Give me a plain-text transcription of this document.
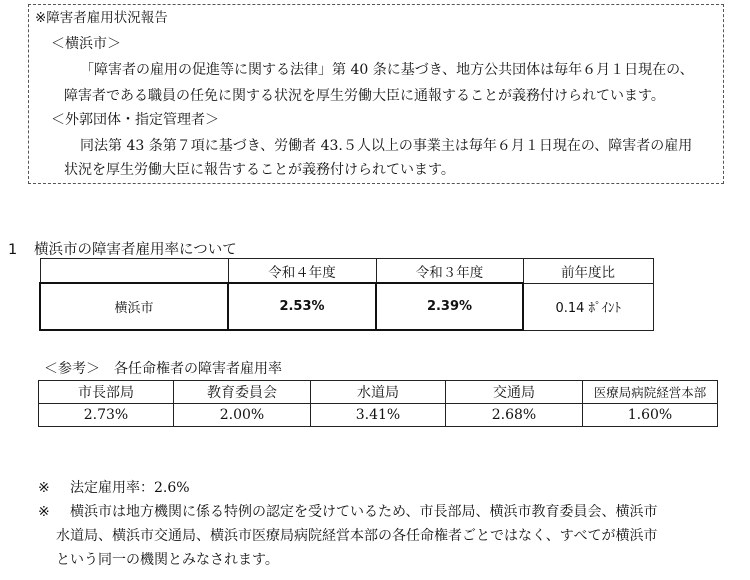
※障害者雇用状況報告
＜横浜市＞
「障害者の雇用の促進等に関する法律」第 40 条に基づき、地方公共団体は毎年６月１日現在の、
障害者である職員の任免に関する状況を厚生労働大臣に通報することが義務付けられています。
＜外郭団体・指定管理者＞
同法第 43 条第７項に基づき、労働者 43.５人以上の事業主は毎年６月１日現在の、障害者の雇用
状況を厚生労働大臣に報告することが義務付けられています。
1 横浜市の障害者雇用率について
	令和４年度	令和３年度	前年度比
横浜市	2.53%	2.39%	0.14 ﾎﾟｲﾝﾄ
＜参考＞　各任命権者の障害者雇用率
市長部局	教育委員会	水道局	交通局	医療局病院経営本部
2.73%	2.00%	3.41%	2.68%	1.60%
※ 法定雇用率：2.6%
※ 横浜市は地方機関に係る特例の認定を受けているため、市長部局、横浜市教育委員会、横浜市
水道局、横浜市交通局、横浜市医療局病院経営本部の各任命権者ごとではなく、すべてが横浜市
という同一の機関とみなされます。
